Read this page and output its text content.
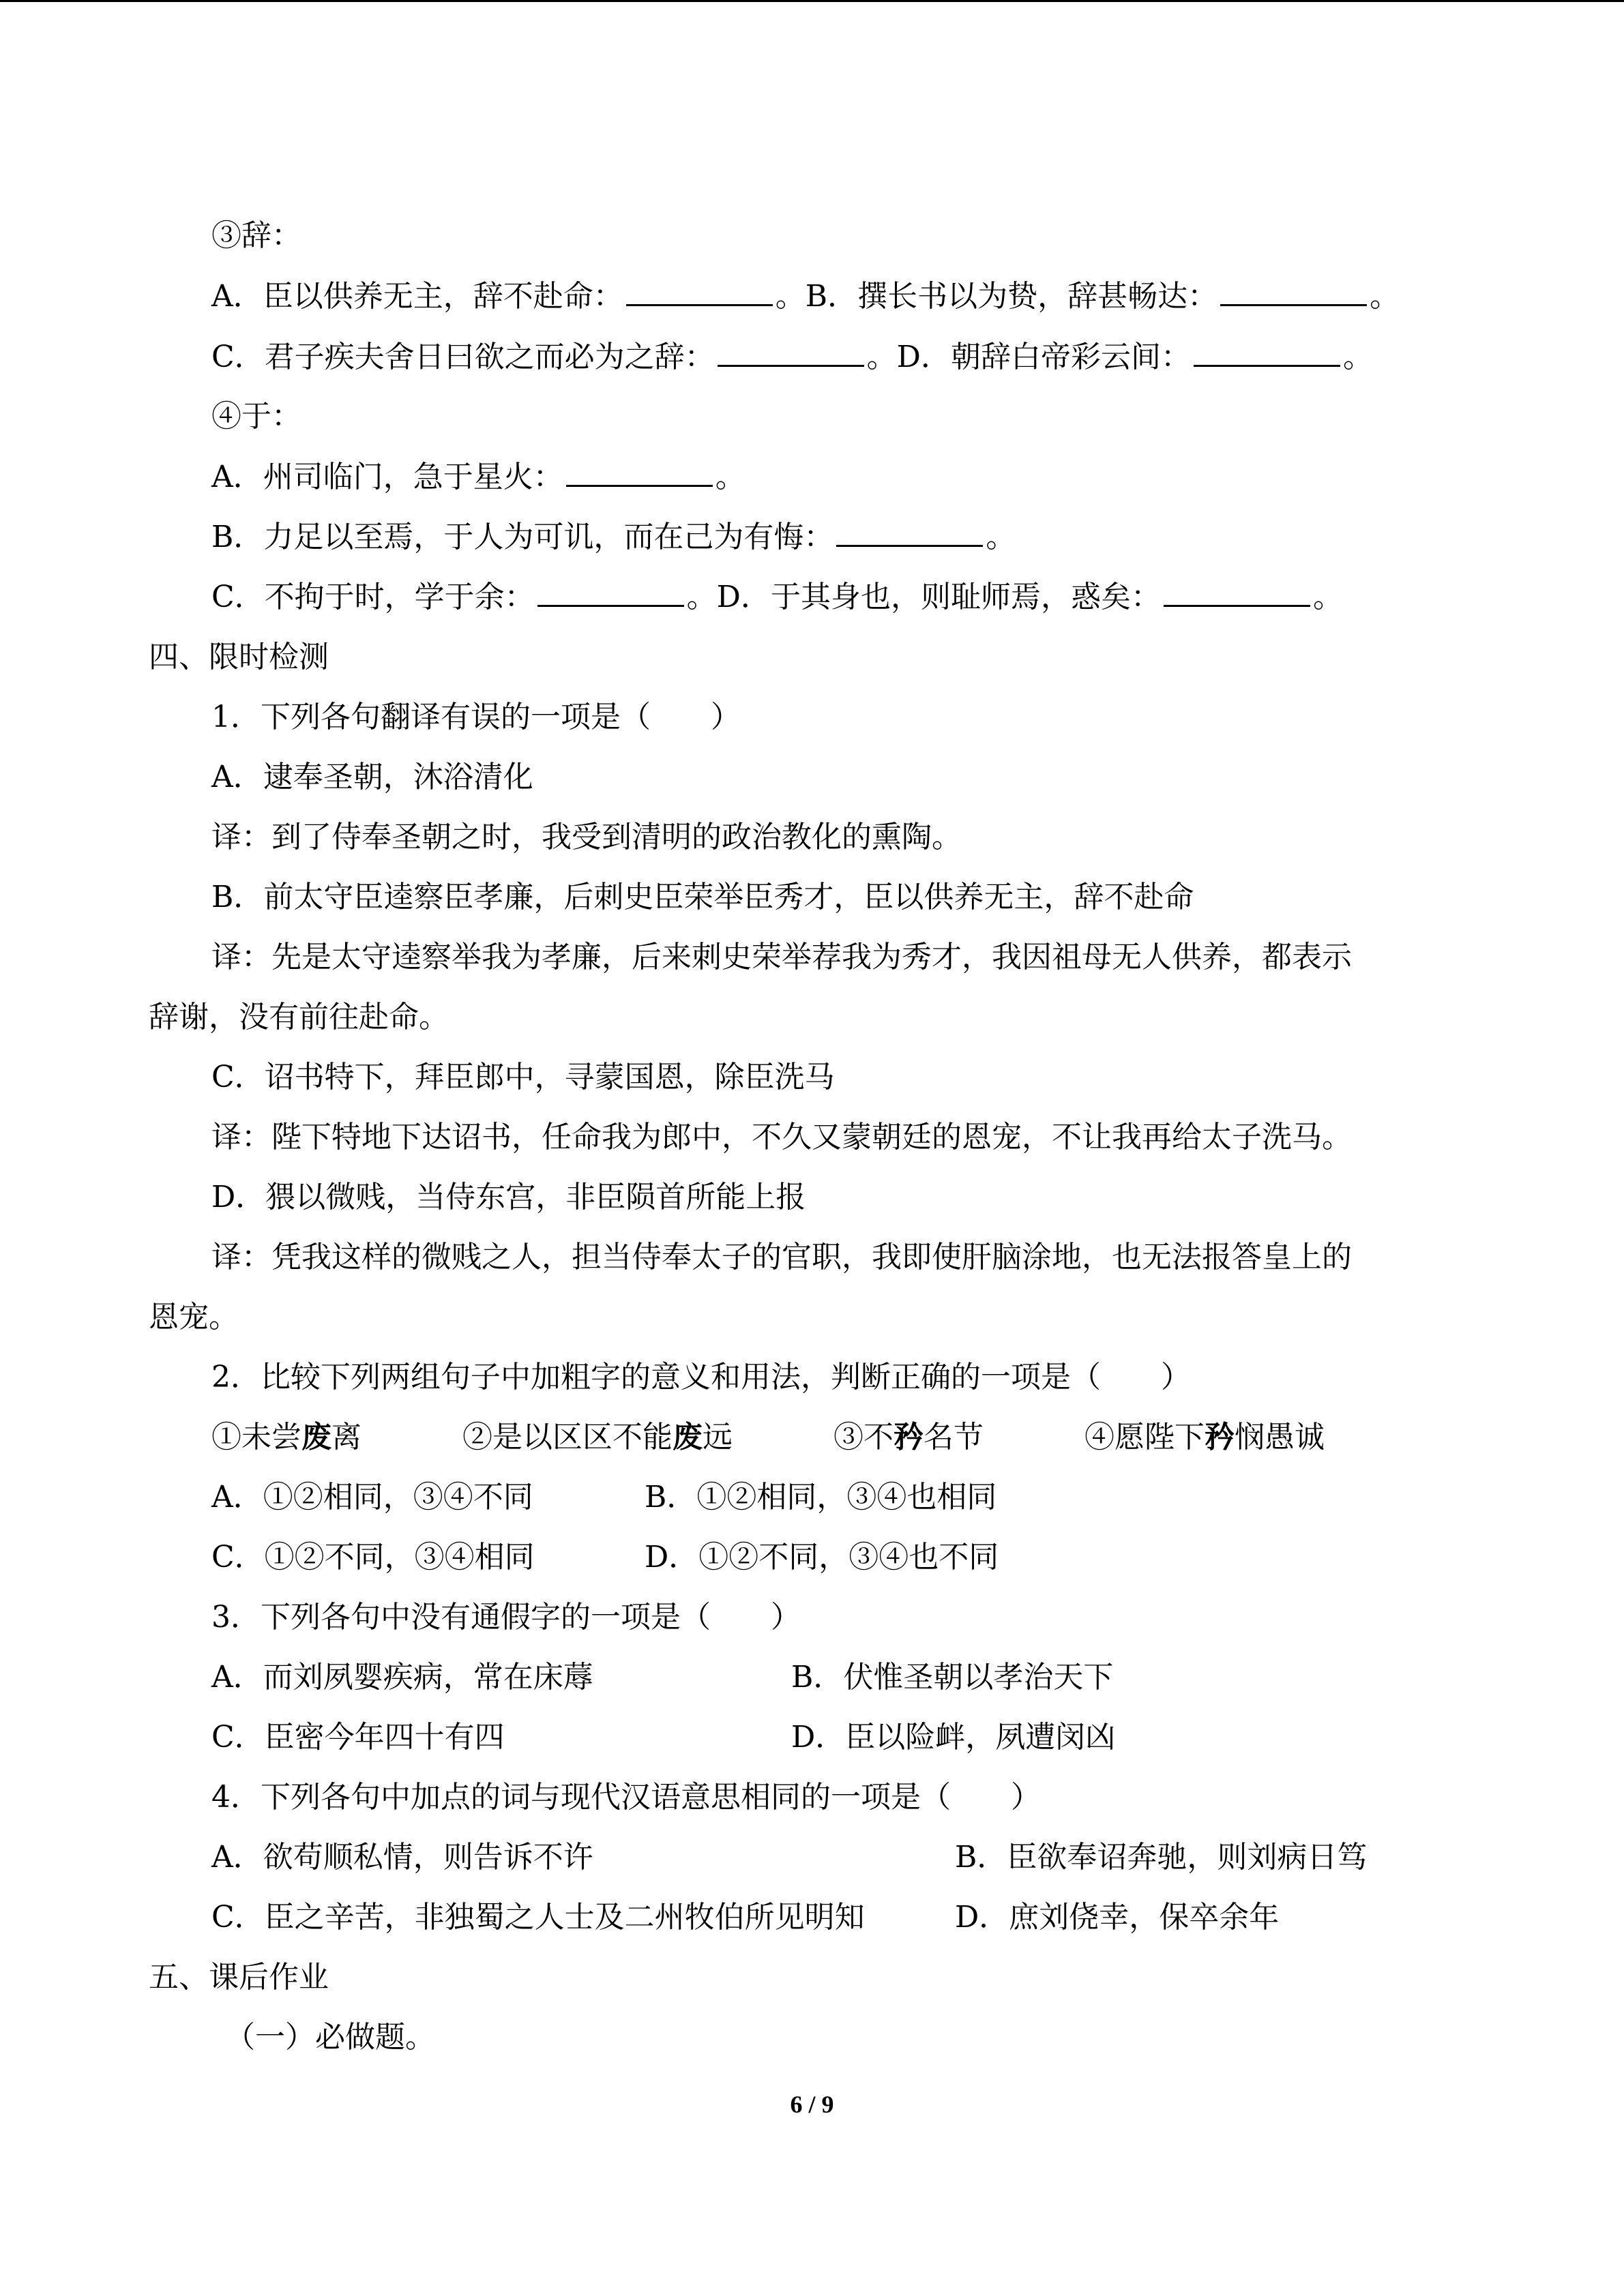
③辞：
A．臣以供养无主，辞不赴命：	。B．撰长书以为贽，辞甚畅达：	。
C．君子疾夫舍日曰欲之而必为之辞：	。D．朝辞白帝彩云间：	。
④于：
A．州司临门，急于星火：	。
B．力足以至焉，于人为可讥，而在己为有悔：	。
C．不拘于时，学于余：	。D．于其身也，则耻师焉，惑矣：	。
四、限时检测
1．下列各句翻译有误的一项是（　　）
A．逮奉圣朝，沐浴清化
译：到了侍奉圣朝之时，我受到清明的政治教化的熏陶。
B．前太守臣逵察臣孝廉，后刺史臣荣举臣秀才，臣以供养无主，辞不赴命
译：先是太守逵察举我为孝廉，后来刺史荣举荐我为秀才，我因祖母无人供养，都表示
辞谢，没有前往赴命。
C．诏书特下，拜臣郎中，寻蒙国恩，除臣洗马
译：陛下特地下达诏书，任命我为郎中，不久又蒙朝廷的恩宠，不让我再给太子洗马。
D．猥以微贱，当侍东宫，非臣陨首所能上报
译：凭我这样的微贱之人，担当侍奉太子的官职，我即使肝脑涂地，也无法报答皇上的
恩宠。
2．比较下列两组句子中加粗字的意义和用法，判断正确的一项是（　　）
①未尝废离	②是以区区不能废远	③不矜名节	④愿陛下矜悯愚诚
A．①②相同，③④不同	B．①②相同，③④也相同
C．①②不同，③④相同	D．①②不同，③④也不同
3．下列各句中没有通假字的一项是（　　）
A．而刘夙婴疾病，常在床蓐	B．伏惟圣朝以孝治天下
C．臣密今年四十有四	D．臣以险衅，夙遭闵凶
4．下列各句中加点的词与现代汉语意思相同的一项是（　　）
A．欲苟顺私情，则告诉不许	B．臣欲奉诏奔驰，则刘病日笃
C．臣之辛苦，非独蜀之人士及二州牧伯所见明知	D．庶刘侥幸，保卒余年
五、课后作业
（一）必做题。
6 / 9
